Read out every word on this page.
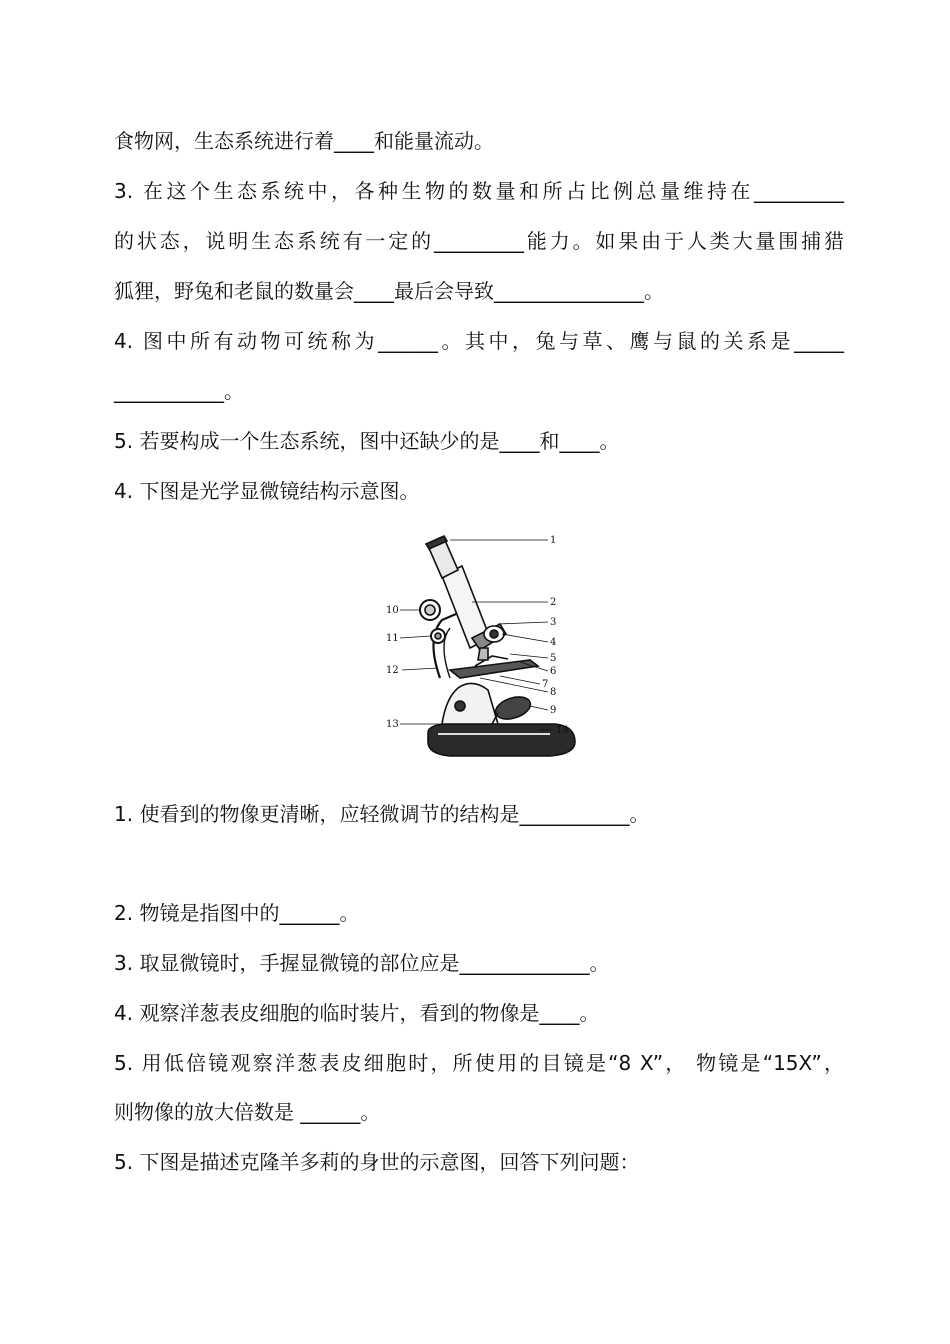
食物网，生态系统进行着____和能量流动。
3. 在这个生态系统中，各种生物的数量和所占比例总量维持在_________
的状态，说明生态系统有一定的_________能力。如果由于人类大量围捕猎
狐狸，野兔和老鼠的数量会____最后会导致_______________。
4. 图中所有动物可统称为______。其中，兔与草、鹰与鼠的关系是_____
___________。
5. 若要构成一个生态系统，图中还缺少的是____和____。
4. 下图是光学显微镜结构示意图。
1
2
3
4
5
6
7
8
9
10
11
12
13
14
1. 使看到的物像更清晰，应轻微调节的结构是___________。
2. 物镜是指图中的______。
3. 取显微镜时，手握显微镜的部位应是_____________。
4. 观察洋葱表皮细胞的临时装片，看到的物像是____。
5. 用低倍镜观察洋葱表皮细胞时，所使用的目镜是“8 X”， 物镜是“15X”，
则物像的放大倍数是 ______。
5. 下图是描述克隆羊多莉的身世的示意图，回答下列问题：
